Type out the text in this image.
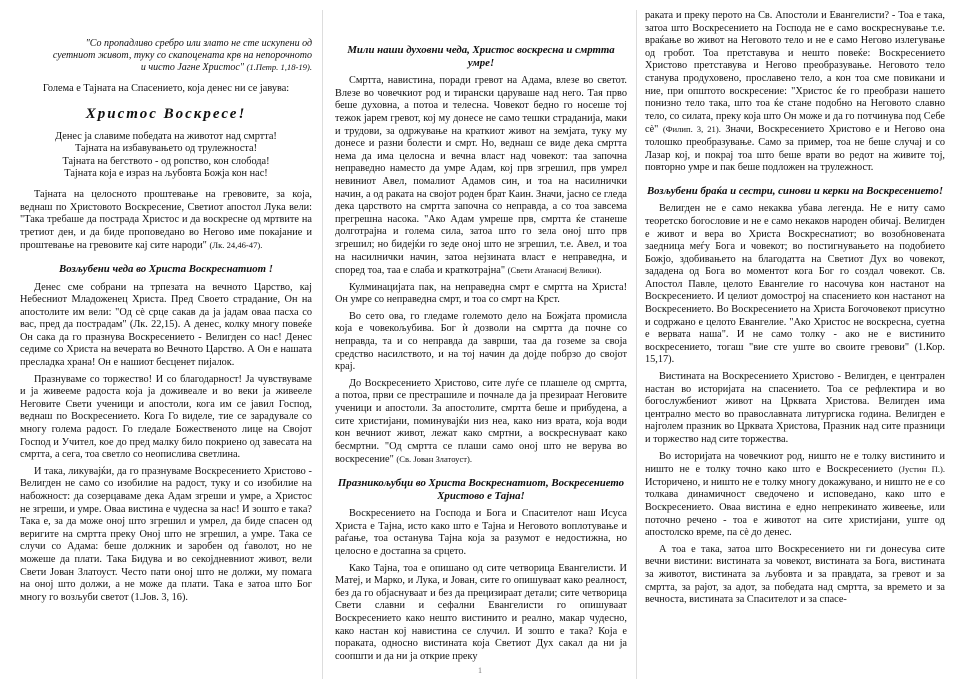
"Со пропадливо сребро или злато не сте искупени од суетниот живот, туку со скапоцената крв на непорочното и чисто Јагне Христос" (1.Петр. 1,18-19).
Голема е Тајната на Спасението, која денес ни се јавува:
Христос Воскресе!

Денес ја славиме победата на животот над смртта!

Тајната на избавувањето од трулежноста!

Тајната на бегството - од ропство, кон слобода!

Тајната која е израз на љубовта Божја кон нас!

Тајната на целосното проштевање на гревовите, за која, веднаш по Христовото Воскресение, Светиот апостол Лука вели: "Така требаше да пострада Христос и да воскресне од мртвите на третиот ден, и да биде проповедано во Негово име покајание и проштевање на гревовите кај сите народи" (Лк. 24,46-47).

Возљубени чеда во Христа Воскреснатиот !

Денес сме собрани на трпезата на вечното Царство, кај Небесниот Младоженец Христа. Пред Своето страдание, Он на апостолите им вели: "Од сè срце сакав да ја јадам оваа пасха со вас, пред да пострадам" (Лк. 22,15). А денес, колку многу повеќе Он сака да го празнува Воскресението - Велигден со нас! Денес седиме со Христа на вечерата во Вечното Царство. А Он е нашата пресладка храна! Он е нашиот бесценет пијалок.

Празнуваме со торжество! И со благодарност! Ја чувствуваме и ја живееме радоста која ја доживеале и во веки ја живееле Неговите Свети ученици и апостоли, кога им се јавил Господ, веднаш по Воскресението. Кога Го виделе, тие се зарадувале со многу голема радост. Го гледале Божественото лице на Својот Господ и Учител, кое до пред малку било покриено од завесата на смртта, а сега, тоа светло со неопислива светлина.

И така, ликувајќи, да го празнуваме Воскресението Христово - Велигден не само со изобилие на радост, туку и со изобилие на набожност: да созерцаваме дека Адам згреши и умре, а Христос не згреши, и умре. Оваа вистина е чудесна за нас! И зошто е така? Така е, за да може оној што згрешил и умрел, да биде спасен од веригите на смртта преку Оној што не згрешил, а умре. Така се случи со Адама: беше должник и заробен од ѓаволот, но не можеше да плати. Така Бидува и во секојдневниот живот, вели Свети Јован Златоуст. Често пати оној што не должи, му помага на оној што должи, а не може да плати. Така е затоа што Бог многу го возљуби светот (1.Јов. 3, 16).

Мили наши духовни чеда, Христос воскресна и смртта умре!

Смртта, навистина, поради гревот на Адама, влезе во светот. Влезе во човечкиот род и тирански царуваше над него. Тая прво беше духовна, а потоа и телесна. Човекот бедно го носеше тој тежок јарем гревот, кој му донесе не само тешки страданија, маки и трудови, за одржување на краткиот живот на земјата, туку му донесе и разни болести и смрт. Но, веднаш се виде дека смртта нема да има целосна и вечна власт над човекот: таа започна неправедно наместо да умре Адам, кој прв згрешил, прв умрел невиниот Авел, помалиот Адамов син, и тоа на насилнички начин, а од раката на својот роден брат Каин. Значи, јасно се гледа дека царството на смртта започна со неправда, а со тоа завсема прегрешна насока. "Ако Адам умреше прв, смртта ќе станеше долготрајна и голема сила, затоа што го зела оној што прв згрешил; но бидејќи го зеде оној што не згрешил, т.е. Авел, и тоа на насилнички начин, затоа нејзината власт е неправедна, и според тоа, таа е слаба и краткотрајна" (Свети Атанасиј Велики).

Кулминацијата пак, на неправедна смрт е смртта на Христа! Он умре со неправедна смрт, и тоа со смрт на Крст.

Во сето ова, го гледаме големото дело на Божјата промисла која е човекољубива. Бог ѝ дозволи на смртта да почне со неправда, та и со неправда да заврши, таа да гоземе за своја средство насилството, и на тој начин да дојде побрзо до својот крај.

До Воскресението Христово, сите луѓе се плашеле од смртта, а потоа, први се престрашиле и почнале да ја презираат Неговите ученици и апостоли. За апостолите, смртта беше и прибудена, а сите христијани, поминувајќи низ неа, како низ врата, која води кон вечниот живот, лежат како смртни, а воскреснуваат како бесмртни. "Од смртта се плаши само оној што не верува во воскресение" (Св. Јован Златоуст).

Празникољубци во Христа Воскреснатиот, Воскресението Христово е Тајна!

Воскресението на Господа и Бога и Спасителот наш Исуса Христа е Тајна, исто како што е Тајна и Неговото воплотување и раѓање, тоа останува Тајна која за разумот е недостижна, но целосно е достапна за срцето.

Како Тајна, тоа е опишано од сите четворица Евангелисти. И Матеј, и Марко, и Лука, и Јован, сите го опишуваат како реалност, без да го објаснуваат и без да прецизираат детали; сите четворица Свети славни и сефални Евангелисти го опишуваат Воскресението како нешто вистинито и реално, макар чудесно, како настан кој навистина се случил. И зошто е така? Која е пораката, односно вистината која Светиот Дух сакал да ни ја соопшти и да ни ја открие преку

раката и преку перото на Св. Апостоли и Евангелисти? - Тоа е така, затоа што Воскресението на Господа не е само воскреснување т.е. враќање во живот на Неговото тело и не е само Негово излегување од гробот. Тоа претставува и нешто повеќе: Воскресението Христово претставува и Негово преобразување. Неговото тело станува продуховено, прославено тело, а кон тоа сме повикани и ние, при општото воскресение: "Христос ќе го преобрази нашето понизно тело така, што тоа ќе стане подобно на Неговото славно тело, со силата, преку која што Он може и да го потчинува под Себе сè" (Филип. 3, 21). Значи, Воскресението Христово е и Негово она толошко преобразување. Само за пример, тоа не беше случај и со Лазар кој, и покрај тоа што беше врати во редот на живите тој, повторно умре и пак беше подложен на трулежност.

Возљубени браќа и сестри, синови и керки на Воскресението!

Велигден не е само некаква убава легенда. Не е ниту само теоретско богословие и не е само некаков народен обичај. Велигден е живот и вера во Христа Воскреснатиот; во возобновената заедница меѓу Бога и човекот; во постигнувањето на подобието Божјо, здобивањето на благодатта на Светиот Дух во човекот, зададена од Бога во моментот кога Бог го создал човекот. Св. Апостол Павле, целото Евангелие го насочува кон настанот на Воскресението. И целиот домострој на спасението кон настанот на Воскресението. Во Воскресението на Христа Богочовекот присутно и содржано е целото Евангелие. "Ако Христос не воскресна, суетна е вервата наша". И не само толку - ако не е вистинито воскресението, тогаш "вие сте уште во своите гревови" (1.Кор. 15,17).

Вистината на Воскресението Христово - Велигден, е централен настан во историјата на спасението. Тоа се рефлектира и во богослужбениот живот на Црквата Христова. Велигден има централно место во православната литургиска година. Велигден е најголем празник во Црквата Христова, Празник над сите празници и торжество над сите торжества.

Во историјата на човечкиот род, ништо не е толку вистинито и ништо не е толку точно како што е Воскресението (Јустин П.). Историчено, и ништо не е толку многу докажувано, и ништо не е со толкава динамичност сведочено и исповедано, како што е Воскресението. Оваа вистина е едно непрекинато живеење, или поточно речено - тоа е животот на сите христијани, уште од апостолско време, па сè до денес.

А тоа е така, затоа што Воскресението ни ги донесува сите вечни вистини: вистината за човекот, вистината за Бога, вистината за животот, вистината за љубовта и за правдата, за гревот и за смртта, за рајот, за адот, за победата над смртта, за времето и за вечноста, вистината за Спасителот и за спасе-

1
